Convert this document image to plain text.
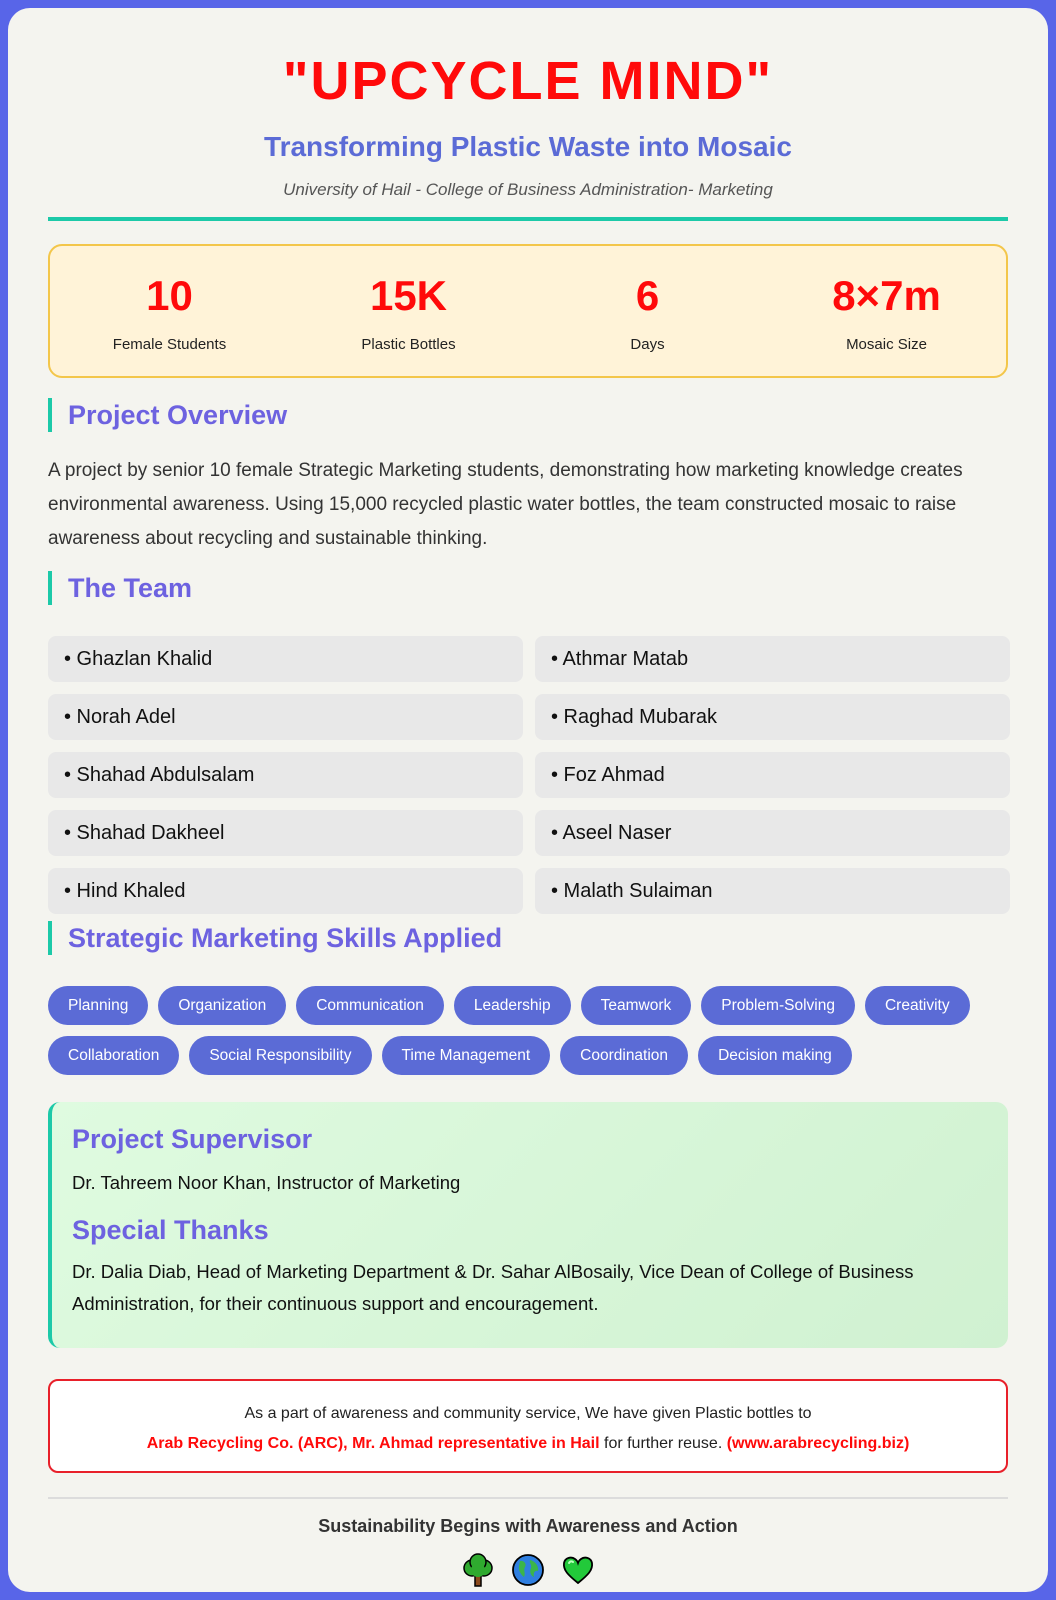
"UPCYCLE MIND"
Transforming Plastic Waste into Mosaic
University of Hail - College of Business Administration- Marketing
10
Female Students
15K
Plastic Bottles
6
Days
8×7m
Mosaic Size
Project Overview
A project by senior 10 female Strategic Marketing students, demonstrating how marketing knowledge creates environmental awareness. Using 15,000 recycled plastic water bottles, the team constructed mosaic to raise awareness about recycling and sustainable thinking.
The Team
• Ghazlan Khalid	• Athmar Matab
• Norah Adel	• Raghad Mubarak
• Shahad Abdulsalam	• Foz Ahmad
• Shahad Dakheel	• Aseel Naser
• Hind Khaled	• Malath Sulaiman
Strategic Marketing Skills Applied
Planning	Organization	Communication	Leadership	Teamwork	Problem-Solving	Creativity
Collaboration	Social Responsibility	Time Management	Coordination	Decision making
Project Supervisor

Dr. Tahreem Noor Khan, Instructor of Marketing

Special Thanks

Dr. Dalia Diab, Head of Marketing Department & Dr. Sahar AlBosaily, Vice Dean of College of Business Administration, for their continuous support and encouragement.

As a part of awareness and community service, We have given Plastic bottles to
Arab Recycling Co. (ARC), Mr. Ahmad representative in Hail for further reuse. (www.arabrecycling.biz)
Sustainability Begins with Awareness and Action
